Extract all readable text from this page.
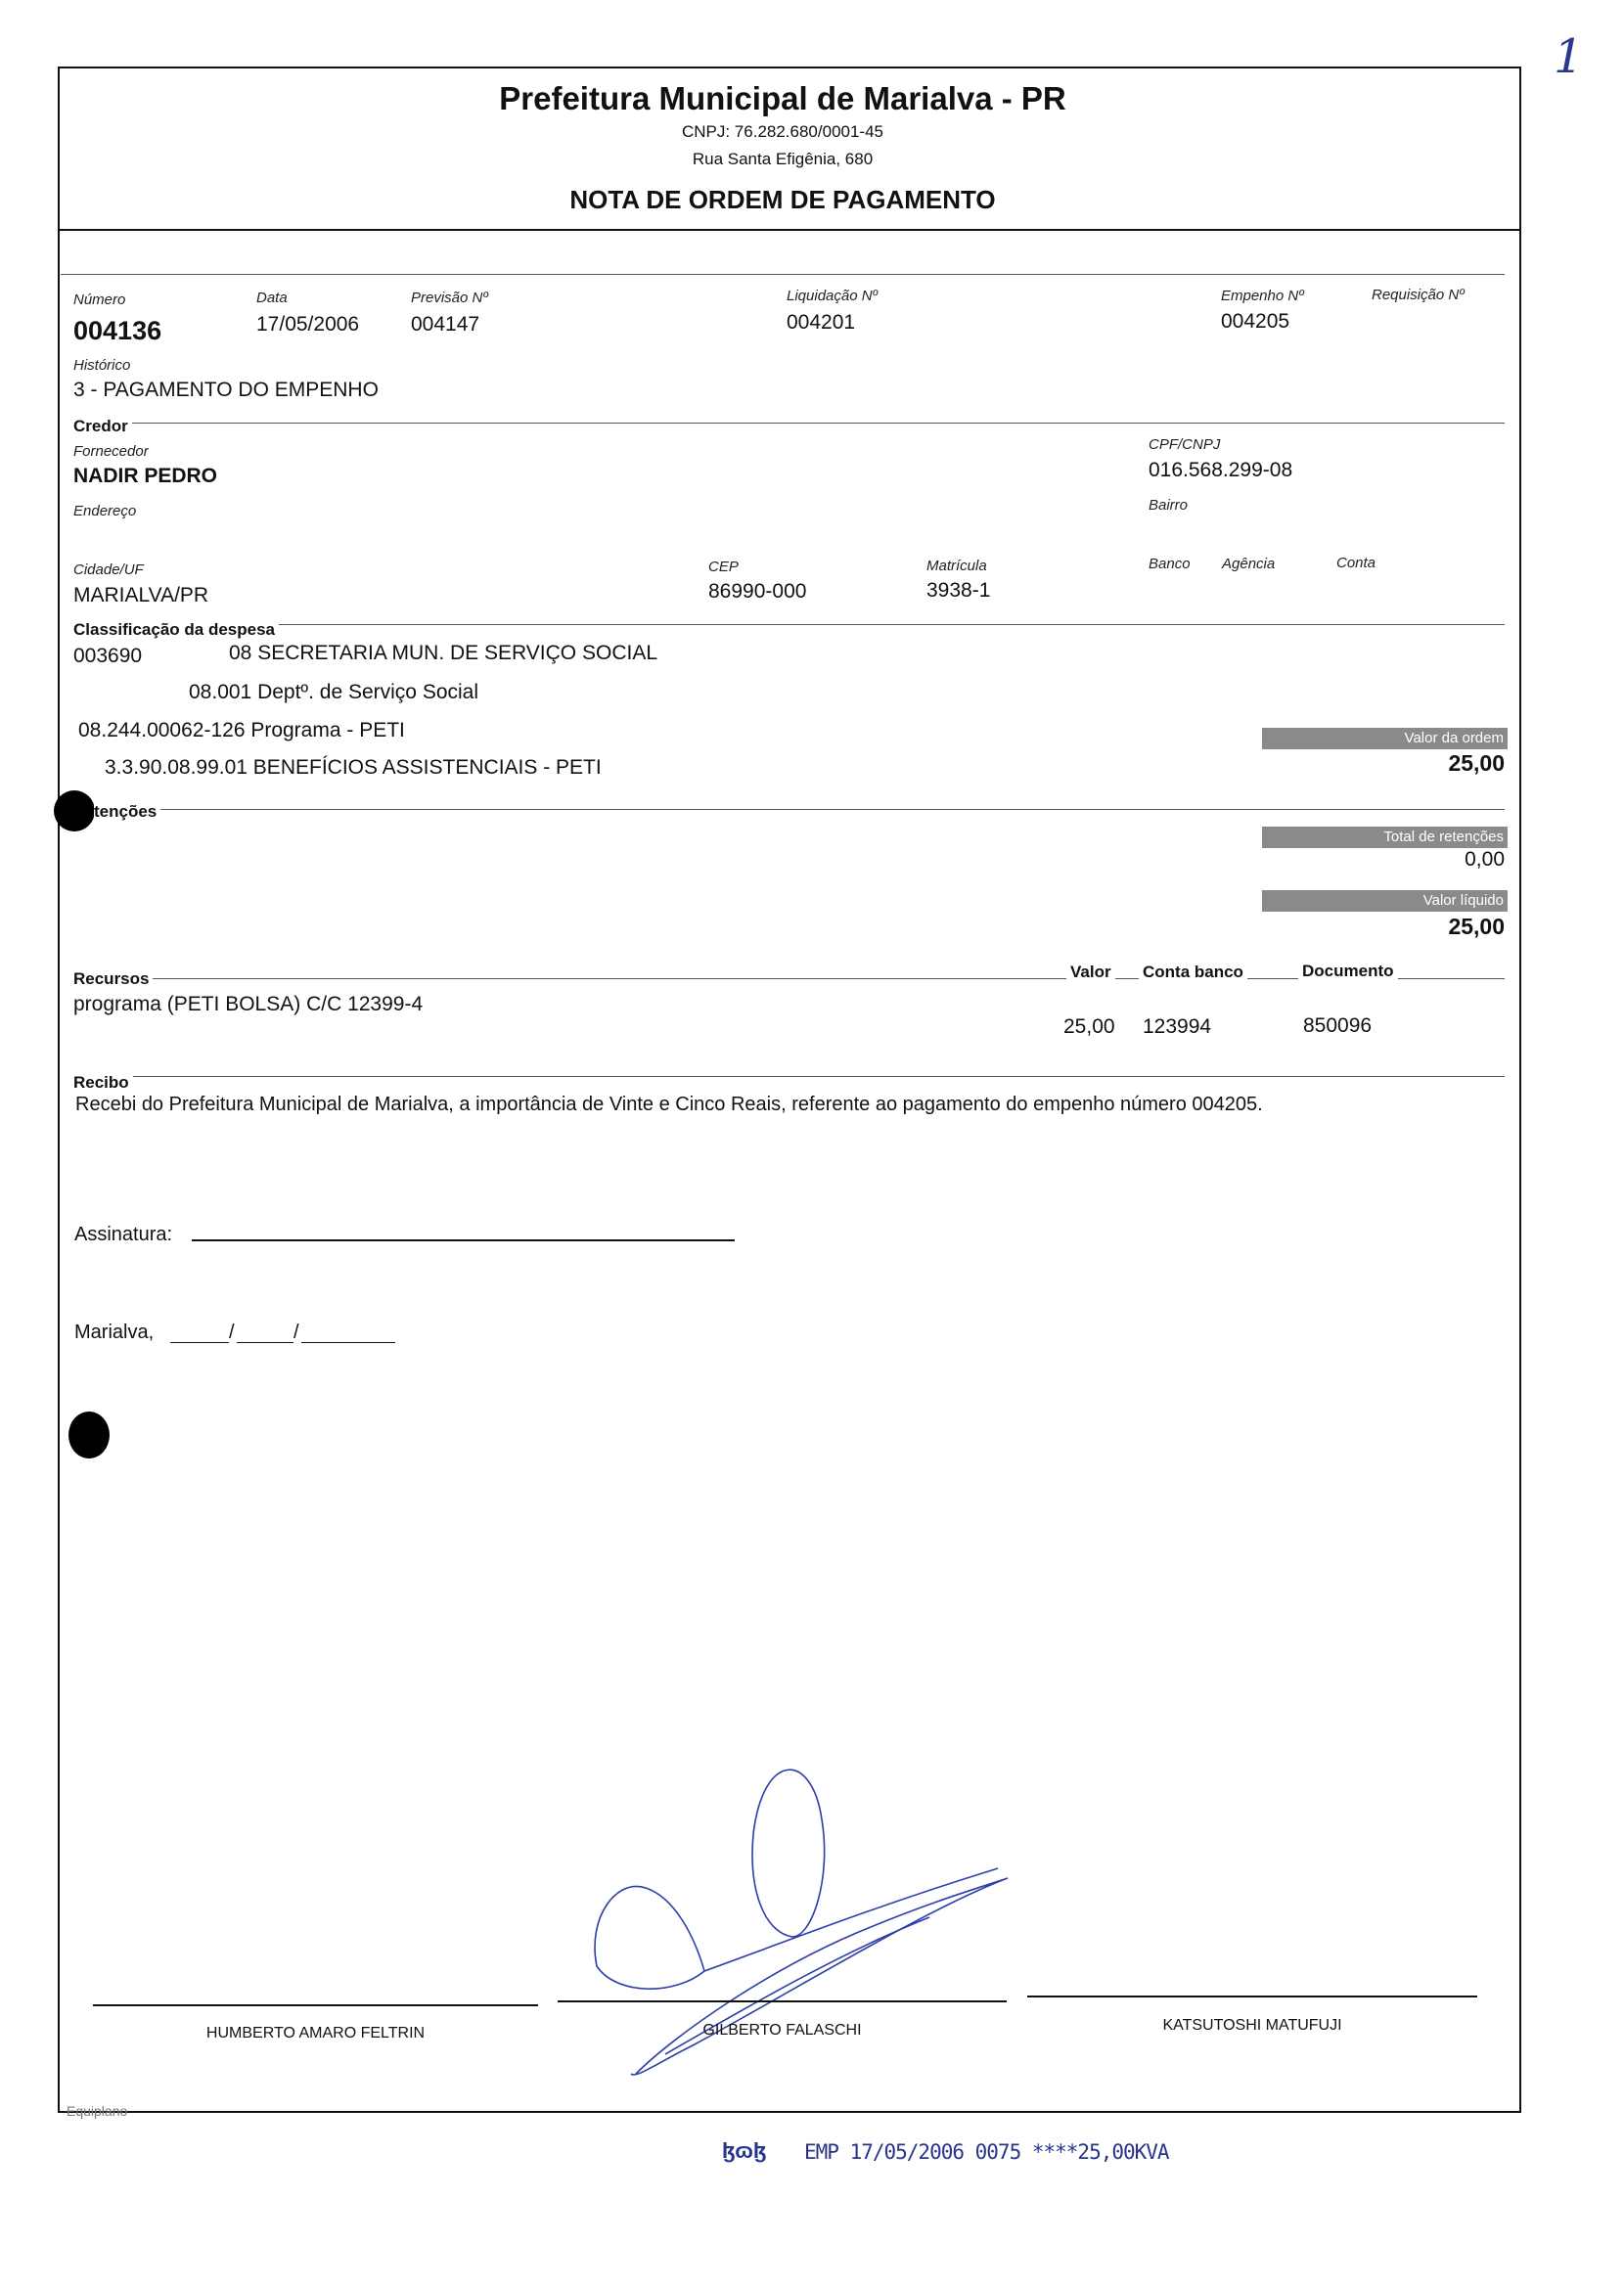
1
Prefeitura Municipal de Marialva - PR
CNPJ: 76.282.680/0001-45
Rua Santa Efigênia, 680
NOTA DE ORDEM DE PAGAMENTO
Número
004136
Data
17/05/2006
Previsão Nº
004147
Liquidação Nº
004201
Empenho Nº
004205
Requisição Nº
Histórico
3 - PAGAMENTO DO EMPENHO
Credor
Fornecedor
NADIR PEDRO
CPF/CNPJ
016.568.299-08
Endereço	Bairro
Cidade/UF
MARIALVA/PR
CEP
86990-000
Matrícula
3938-1
Banco Agência	Conta
Classificação da despesa
003690	08 SECRETARIA MUN. DE SERVIÇO SOCIAL
08.001 Deptº. de Serviço Social
08.244.00062-126 Programa - PETI
3.3.90.08.99.01 BENEFÍCIOS ASSISTENCIAIS - PETI
Valor da ordem
25,00
tenções
Total de retenções
0,00
Valor líquido
25,00
Recursos	Valor Conta banco	Documento
programa (PETI BOLSA) C/C 12399-4
25,00 123994	850096
Recibo
Recebi do Prefeitura Municipal de Marialva, a importância de Vinte e Cinco Reais, referente ao pagamento do empenho número 004205.
Assinatura:
Marialva,	/	/
HUMBERTO AMARO FELTRIN	GILBERTO FALASCHI	KATSUTOSHI MATUFUJI
Equiplano
ɮɷɮ EMP 17/05/2006 0075 ****25,00KVA
